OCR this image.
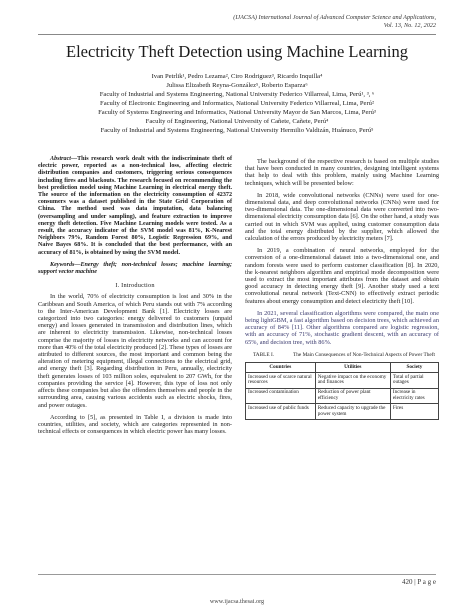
(IJACSA) International Journal of Advanced Computer Science and Applications,
Vol. 13, No. 12, 2022
Electricity Theft Detection using Machine Learning
Ivan Petrlik¹, Pedro Lezama², Ciro Rodriguez³, Ricardo Inquilla⁴
Julissa Elizabeth Reyna-González⁵, Roberto Esparza⁶
Faculty of Industrial and Systems Engineering, National University Federico Villarreal, Lima, Perú¹, ³, ⁶
Faculty of Electronic Engineering and Informatics, National University Federico Villarreal, Lima, Perú²
Faculty of Systems Engineering and Informatics, National University Mayor de San Marcos, Lima, Perú³
Faculty of Engineering, National University of Cañete, Cañete, Perú⁴
Faculty of Industrial and Systems Engineering, National University Hermilio Valdizán, Huánuco, Perú⁵

Abstract—This research work dealt with the indiscriminate theft of electric power, reported as a non-technical loss, affecting electric distribution companies and customers, triggering serious consequences including fires and blackouts. The research focused on recommending the best prediction model using Machine Learning in electrical energy theft. The source of the information on the electricity consumption of 42372 consumers was a dataset published in the State Grid Corporation of China. The method used was data imputation, data balancing (oversampling and under sampling), and feature extraction to improve energy theft detection. Five Machine Learning models were tested. As a result, the accuracy indicator of the SVM model was 81%, K-Nearest Neighbors 79%, Random Forest 80%, Logistic Regression 69%, and Naive Bayes 68%. It is concluded that the best performance, with an accuracy of 81%, is obtained by using the SVM model.

Keywords—Energy theft; non-technical losses; machine learning; support vector machine

I. Introduction

In the world, 70% of electricity consumption is lost and 30% in the Caribbean and South America, of which Peru stands out with 7% according to the Inter-American Development Bank [1]. Electricity losses are categorized into two categories: energy delivered to customers (unpaid energy) and losses generated in transmission and distribution lines, which are inherent to electricity transmission. Likewise, non-technical losses comprise the majority of losses in electricity networks and can account for more than 40% of the total electricity produced [2]. These types of losses are attributed to different sources, the most important and common being the alteration of metering equipment, illegal connections to the electrical grid, and energy theft [3]. Regarding distribution in Peru, annually, electricity theft generates losses of 103 million soles, equivalent to 207 GWh, for the companies providing the service [4]. However, this type of loss not only affects these companies but also the offenders themselves and people in the surrounding area, causing various accidents such as electric shocks, fires, and power outages.

According to [5], as presented in Table I, a division is made into countries, utilities, and society, which are categories represented in non-technical effects or consequences in which electric power has many losses.

The background of the respective research is based on multiple studies that have been conducted in many countries, designing intelligent systems that help to deal with this problem, mainly using Machine Learning techniques, which will be presented below:

In 2018, wide convolutional networks (CNNs) were used for one-dimensional data, and deep convolutional networks (CNNs) were used for two-dimensional data. The one-dimensional data were converted into two-dimensional electricity consumption data [6]. On the other hand, a study was carried out in which SVM was applied, using customer consumption data and the total energy distributed by the supplier, which allowed the calculation of the errors produced by electricity meters [7].

In 2019, a combination of neural networks, employed for the conversion of a one-dimensional dataset into a two-dimensional one, and random forests were used to perform customer classification [8]. In 2020, the k-nearest neighbors algorithm and empirical mode decomposition were used to extract the most important attributes from the dataset and obtain good accuracy in detecting energy theft [9]. Another study used a text convolutional neural network (Text-CNN) to effectively extract periodic features about energy consumption and detect electricity theft [10].

In 2021, several classification algorithms were compared, the main one being lightGBM, a fast algorithm based on decision trees, which achieved an accuracy of 84% [11]. Other algorithms compared are logistic regression, with an accuracy of 71%, stochastic gradient descent, with an accuracy of 65%, and decision tree, with 86%.

TABLE I.	The Main Consequences of Non-Technical Aspects of Power Theft
Countries	Utilities	Society
Increased use of scarce natural resources	Negative impact on the economy and finances	Total of partial outages
Increased contamination	Reduction of power plant efficiency	Increase in electricity rates
Increased use of public funds	Reduced capacity to upgrade the power system	Fires
420 | P a g e
www.ijacsa.thesai.org
